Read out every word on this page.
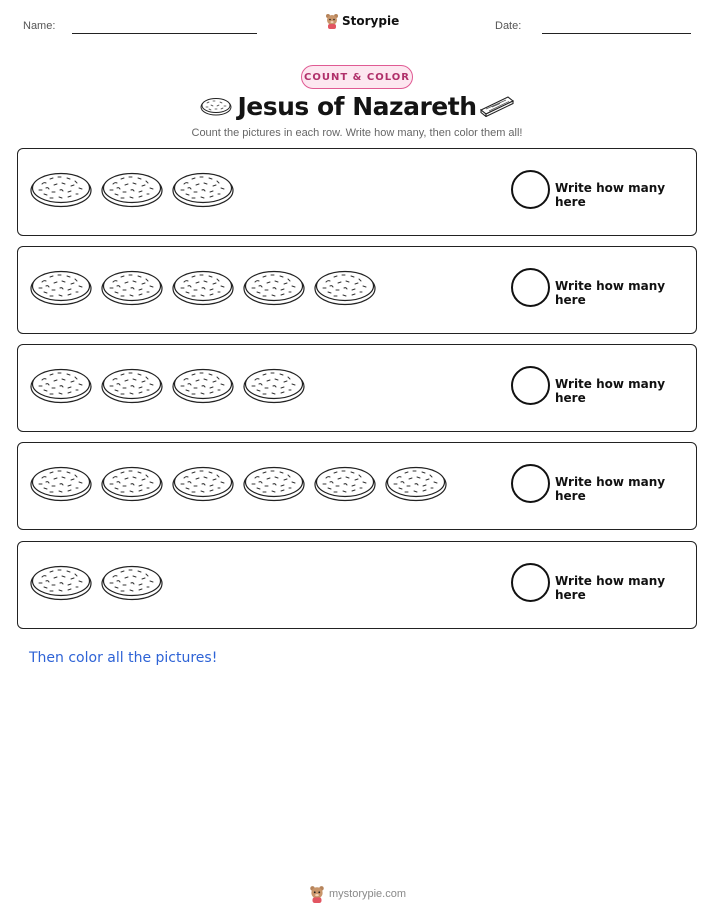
Name:	Storypie	Date:
COUNT & COLOR
Jesus of Nazareth
Count the pictures in each row. Write how many, then color them all!
Write how many here
Write how many here
Write how many here
Write how many here
Write how many here
Then color all the pictures!
mystorypie.com
